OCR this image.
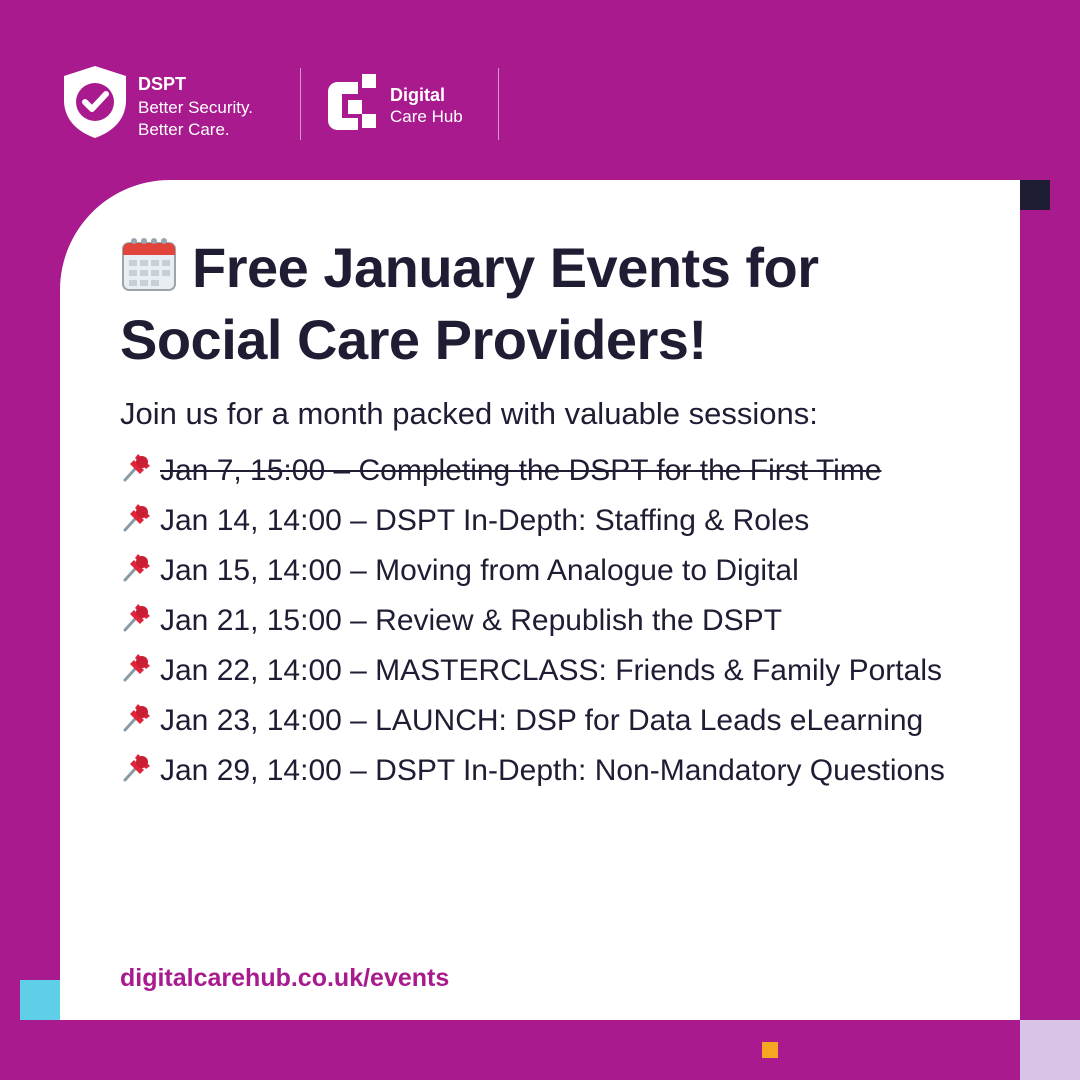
DSPT
Better Security.
Better Care.
Digital
Care Hub
Free January Events for
Social Care Providers!
Join us for a month packed with valuable sessions:
Jan 7, 15:00 – Completing the DSPT for the First Time
Jan 14, 14:00 – DSPT In-Depth: Staffing & Roles
Jan 15, 14:00 – Moving from Analogue to Digital
Jan 21, 15:00 – Review & Republish the DSPT
Jan 22, 14:00 – MASTERCLASS: Friends & Family Portals
Jan 23, 14:00 – LAUNCH: DSP for Data Leads eLearning
Jan 29, 14:00 – DSPT In-Depth: Non-Mandatory Questions
digitalcarehub.co.uk/events
